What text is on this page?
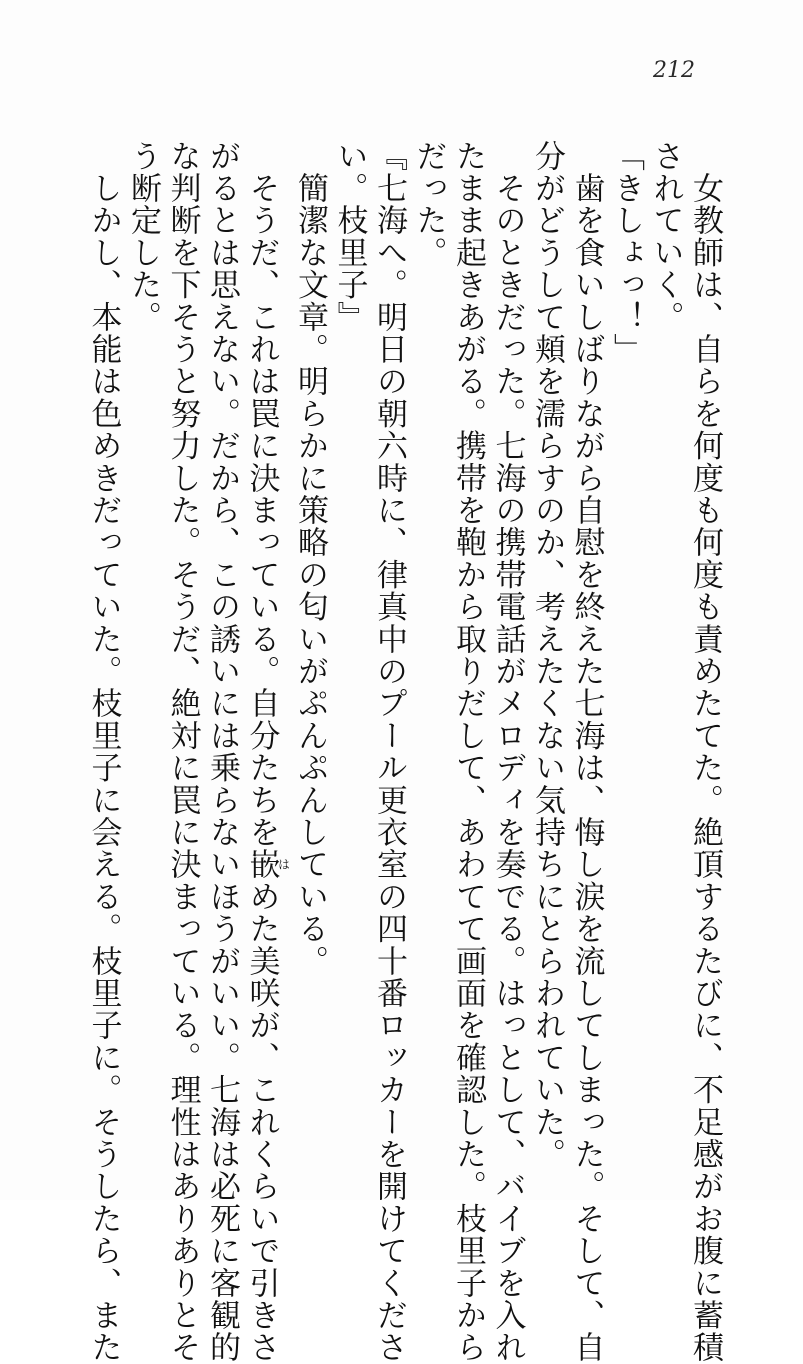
212
　女教師は、自らを何度も何度も責めたてた。絶頂するたびに、不足感がお腹に蓄積
されていく。
「きしょっ！」
　歯を食いしばりながら自慰を終えた七海は、悔し涙を流してしまった。そして、自
分がどうして頬を濡らすのか、考えたくない気持ちにとらわれていた。
　そのときだった。七海の携帯電話がメロディを奏でる。はっとして、バイブを入れ
たまま起きあがる。携帯を鞄から取りだして、あわてて画面を確認した。枝里子から
だった。
『七海へ。明日の朝六時に、律真中のプール更衣室の四十番ロッカーを開けてくださ
い。枝里子』
　簡潔な文章。明らかに策略の匂いがぷんぷんしている。
　そうだ、これは罠に決まっている。自分たちを嵌はめた美咲が、これくらいで引きさ
がるとは思えない。だから、この誘いには乗らないほうがいい。七海は必死に客観的
な判断を下そうと努力した。そうだ、絶対に罠に決まっている。理性はありありとそ
う断定した。
　しかし、本能は色めきだっていた。枝里子に会える。枝里子に。そうしたら、また
